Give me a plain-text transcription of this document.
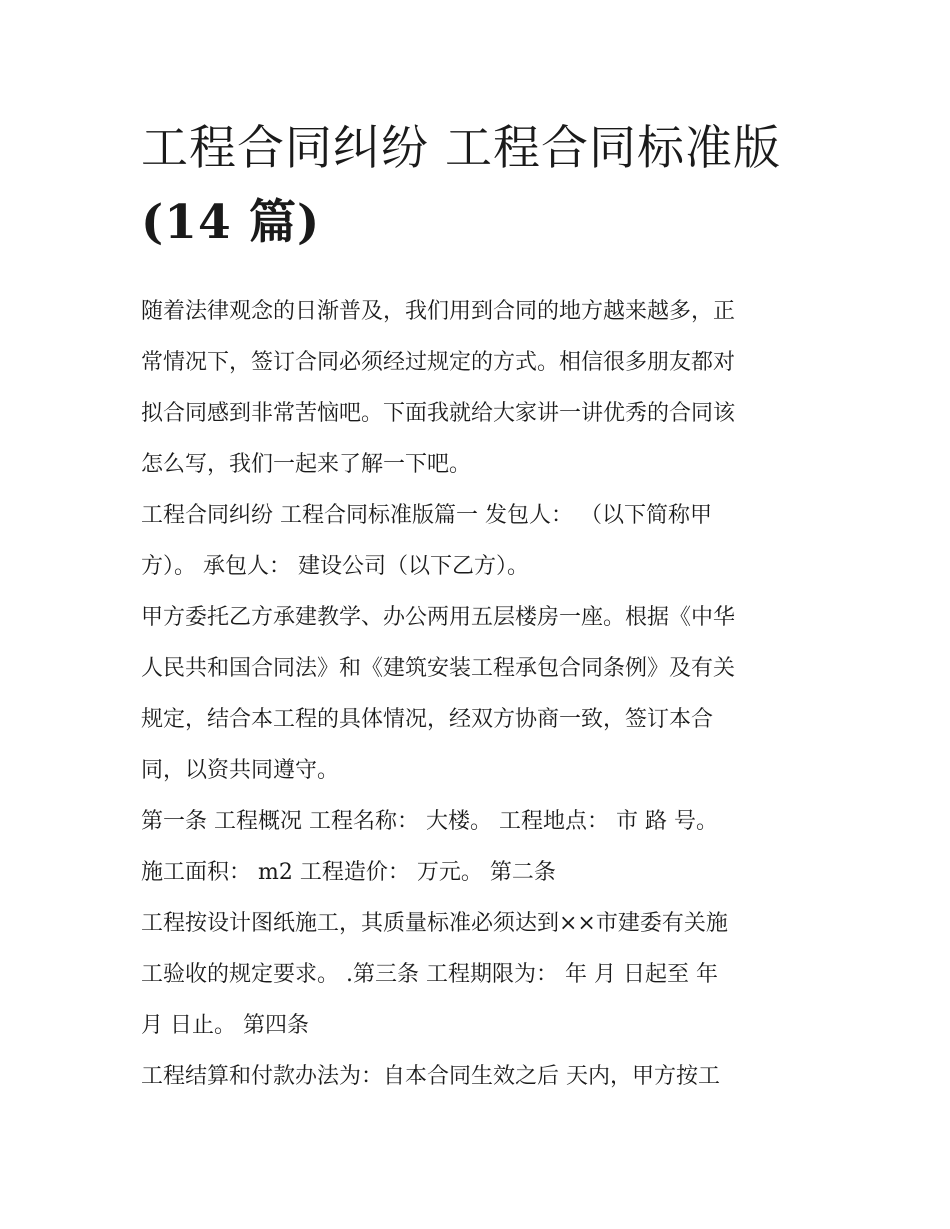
工程合同纠纷 工程合同标准版
(14 篇)

随着法律观念的日渐普及，我们用到合同的地方越来越多，正
常情况下，签订合同必须经过规定的方式。相信很多朋友都对
拟合同感到非常苦恼吧。下面我就给大家讲一讲优秀的合同该
怎么写，我们一起来了解一下吧。

工程合同纠纷 工程合同标准版篇一 发包人： （以下简称甲
方）。 承包人： 建设公司（以下乙方）。

甲方委托乙方承建教学、办公两用五层楼房一座。根据《中华
人民共和国合同法》和《建筑安装工程承包合同条例》及有关
规定，结合本工程的具体情况，经双方协商一致，签订本合
同，以资共同遵守。

第一条 工程概况 工程名称： 大楼。 工程地点： 市 路 号。
施工面积： m2 工程造价： 万元。 第二条

工程按设计图纸施工，其质量标准必须达到××市建委有关施
工验收的规定要求。 .第三条 工程期限为： 年 月 日起至 年
月 日止。 第四条

工程结算和付款办法为：自本合同生效之后 天内，甲方按工
